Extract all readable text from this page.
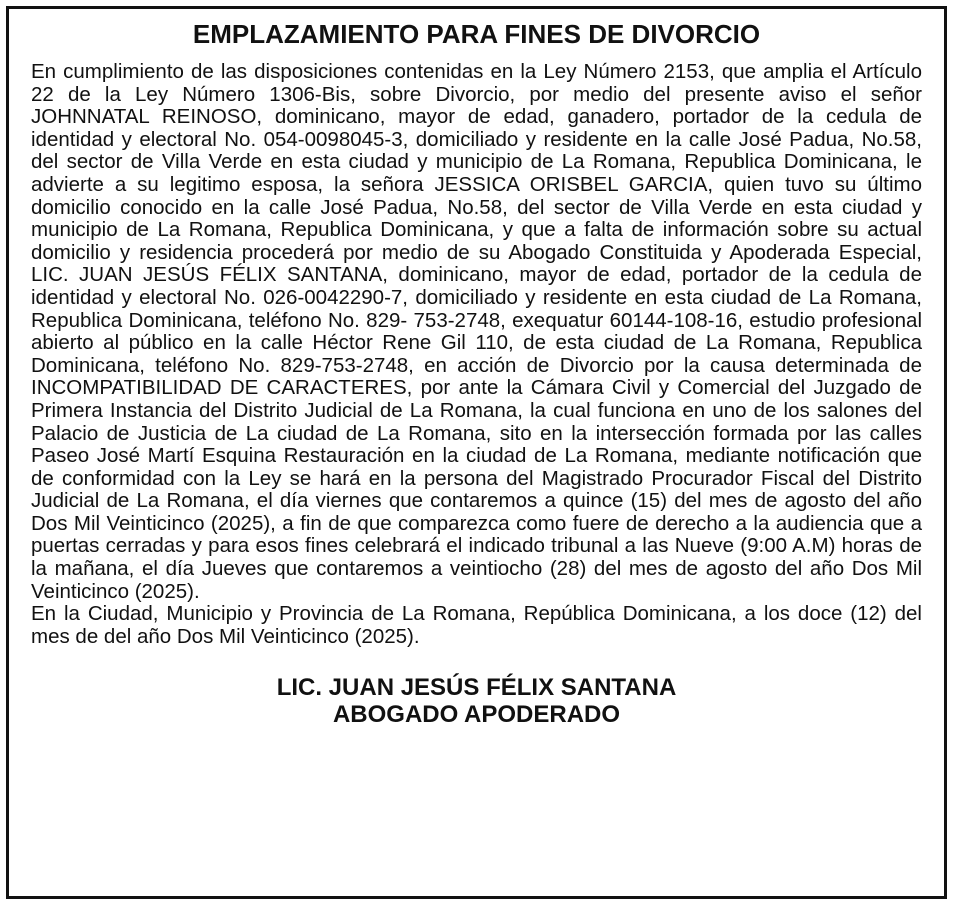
EMPLAZAMIENTO PARA FINES DE DIVORCIO

En cumplimiento de las disposiciones contenidas en la Ley Número 2153, que amplia el Artículo 22 de la Ley Número 1306-Bis, sobre Divorcio, por medio del presente aviso el señor JOHNNATAL REINOSO, dominicano, mayor de edad, ganadero, portador de la cedula de identidad y electoral No. 054-0098045-3, domiciliado y residente en la calle José Padua, No.58, del sector de Villa Verde en esta ciudad y municipio de La Romana, Republica Dominicana, le advierte a su legitimo esposa, la señora JESSICA ORISBEL GARCIA, quien tuvo su último domicilio conocido en la calle José Padua, No.58, del sector de Villa Verde en esta ciudad y municipio de La Romana, Republica Dominicana, y que a falta de información sobre su actual domicilio y residencia procederá por medio de su Abogado Constituida y Apoderada Especial, LIC. JUAN JESÚS FÉLIX SANTANA, dominicano, mayor de edad, portador de la cedula de identidad y electoral No. 026-0042290-7, domiciliado y residente en esta ciudad de La Romana, Republica Dominicana, teléfono No. 829- 753-2748, exequatur 60144-108-16, estudio profesional abierto al público en la calle Héctor Rene Gil 110, de esta ciudad de La Romana, Republica Dominicana, teléfono No. 829-753-2748, en acción de Divorcio por la causa determinada de INCOMPATIBILIDAD DE CARACTERES, por ante la Cámara Civil y Comercial del Juzgado de Primera Instancia del Distrito Judicial de La Romana, la cual funciona en uno de los salones del Palacio de Justicia de La ciudad de La Romana, sito en la intersección formada por las calles Paseo José Martí Esquina Restauración en la ciudad de La Romana, mediante notificación que de conformidad con la Ley se hará en la persona del Magistrado Procurador Fiscal del Distrito Judicial de La Romana, el día viernes que contaremos a quince (15) del mes de agosto del año Dos Mil Veinticinco (2025), a fin de que comparezca como fuere de derecho a la audiencia que a puertas cerradas y para esos fines celebrará el indicado tribunal a las Nueve (9:00 A.M) horas de la mañana, el día Jueves que contaremos a veintiocho (28) del mes de agosto del año Dos Mil Veinticinco (2025).

En la Ciudad, Municipio y Provincia de La Romana, República Dominicana, a los doce (12) del mes de del año Dos Mil Veinticinco (2025).

LIC. JUAN JESÚS FÉLIX SANTANA
ABOGADO APODERADO
